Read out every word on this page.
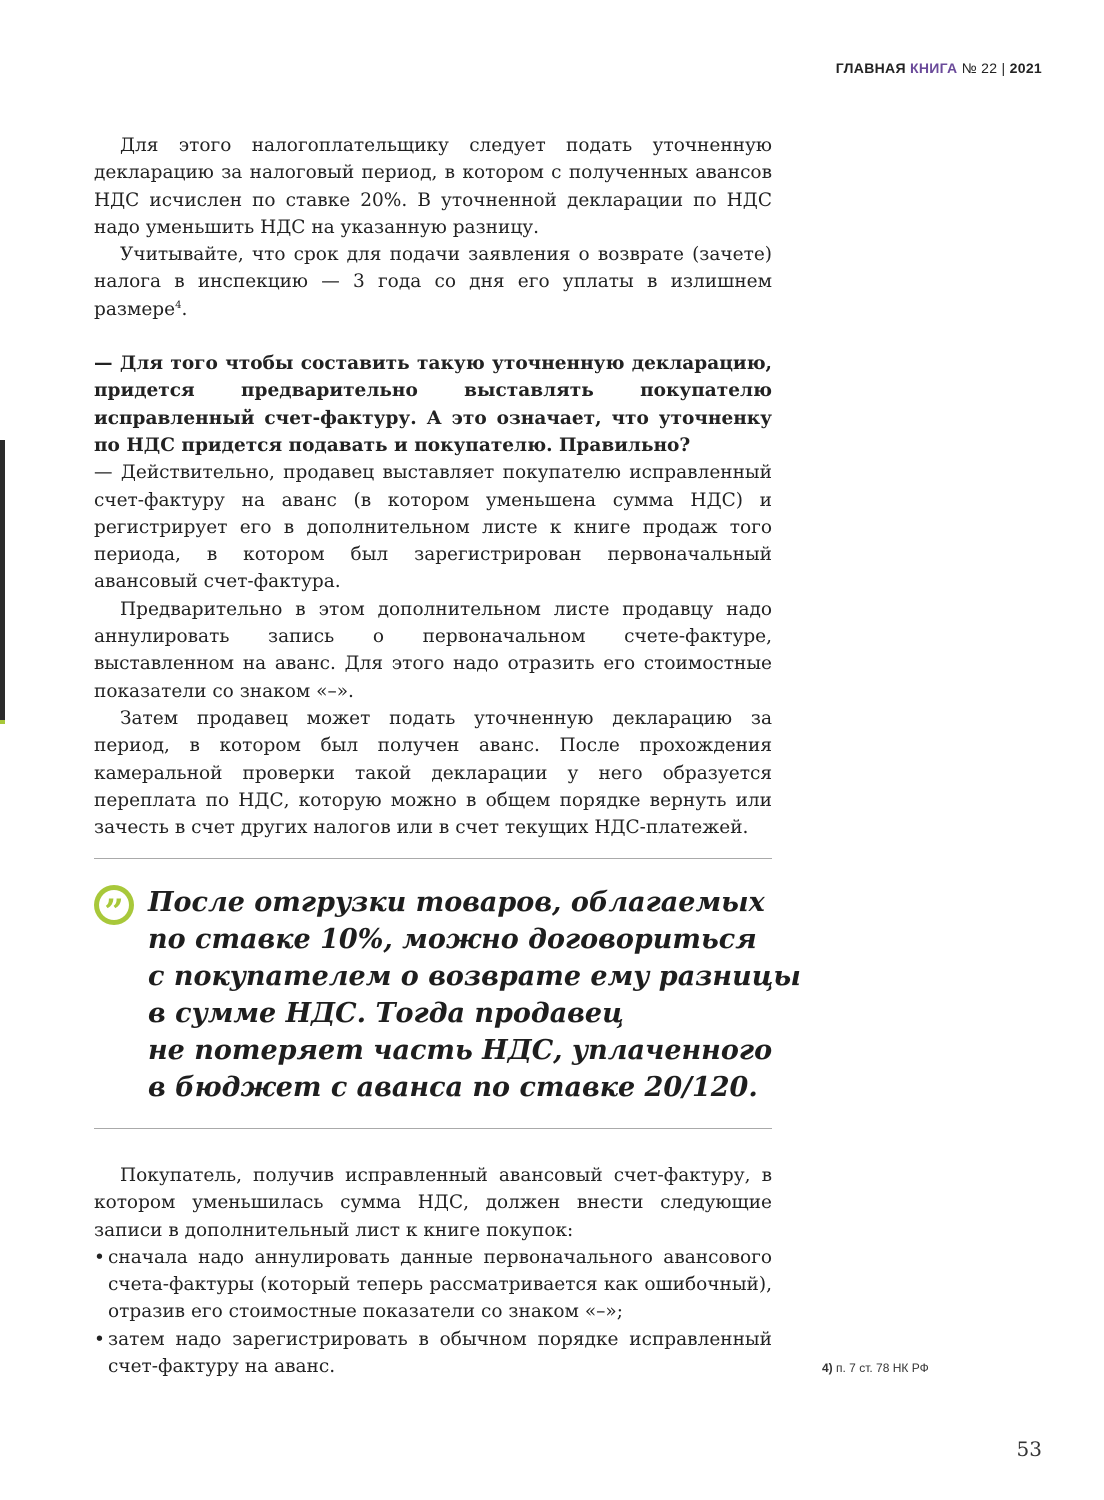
ГЛАВНАЯ КНИГА № 22 | 2021

Для этого налогоплательщику следует подать уточненную декларацию за налоговый период, в котором с полученных авансов НДС исчислен по ставке 20%. В уточненной декларации по НДС надо уменьшить НДС на указанную разницу.

Учитывайте, что срок для подачи заявления о возврате (зачете) налога в инспекцию — 3 года со дня его уплаты в излишнем размере$^4$.

— Для того чтобы составить такую уточненную декларацию, придется предварительно выставлять покупателю исправленный счет-фактуру. А это означает, что уточненку по НДС придется подавать и покупателю. Правильно?

— Действительно, продавец выставляет покупателю исправленный счет-фактуру на аванс (в котором уменьшена сумма НДС) и регистрирует его в дополнительном листе к книге продаж того периода, в котором был зарегистрирован первоначальный авансовый счет-фактура.

Предварительно в этом дополнительном листе продавцу надо аннулировать запись о первоначальном счете-фактуре, выставленном на аванс. Для этого надо отразить его стоимостные показатели со знаком «–».

Затем продавец может подать уточненную декларацию за период, в котором был получен аванс. После прохождения камеральной проверки такой декларации у него образуется переплата по НДС, которую можно в общем порядке вернуть или зачесть в счет других налогов или в счет текущих НДС-платежей.

” После отгрузки товаров, облагаемых
по ставке 10%, можно договориться
с покупателем о возврате ему разницы
в сумме НДС. Тогда продавец
не потеряет часть НДС, уплаченного
в бюджет с аванса по ставке 20/120.

Покупатель, получив исправленный авансовый счет-фактуру, в котором уменьшилась сумма НДС, должен внести следующие записи в дополнительный лист к книге покупок:

• сначала надо аннулировать данные первоначального авансового счета-фактуры (который теперь рассматривается как ошибочный), отразив его стоимостные показатели со знаком «–»;
• затем надо зарегистрировать в обычном порядке исправленный счет-фактуру на аванс.	4) п. 7 ст. 78 НК РФ
53
